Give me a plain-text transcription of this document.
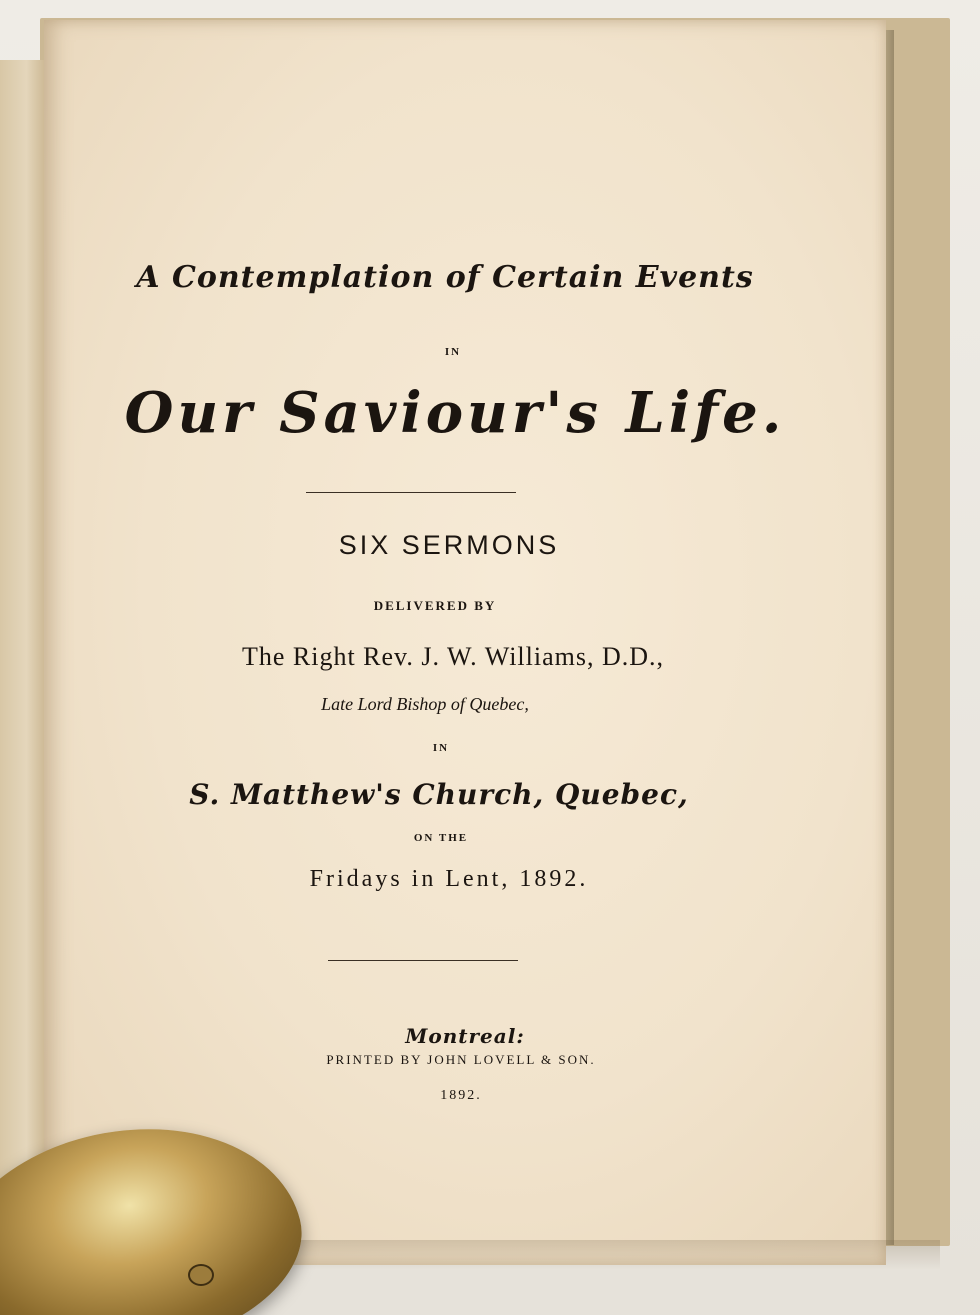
A Contemplation of Certain Events
IN
Our Saviour's Life.
SIX SERMONS
DELIVERED BY
The Right Rev. J. W. Williams, D.D.,
Late Lord Bishop of Quebec,
IN
S. Matthew's Church, Quebec,
ON THE
Fridays in Lent, 1892.
Montreal:
PRINTED BY JOHN LOVELL & SON.
1892.
